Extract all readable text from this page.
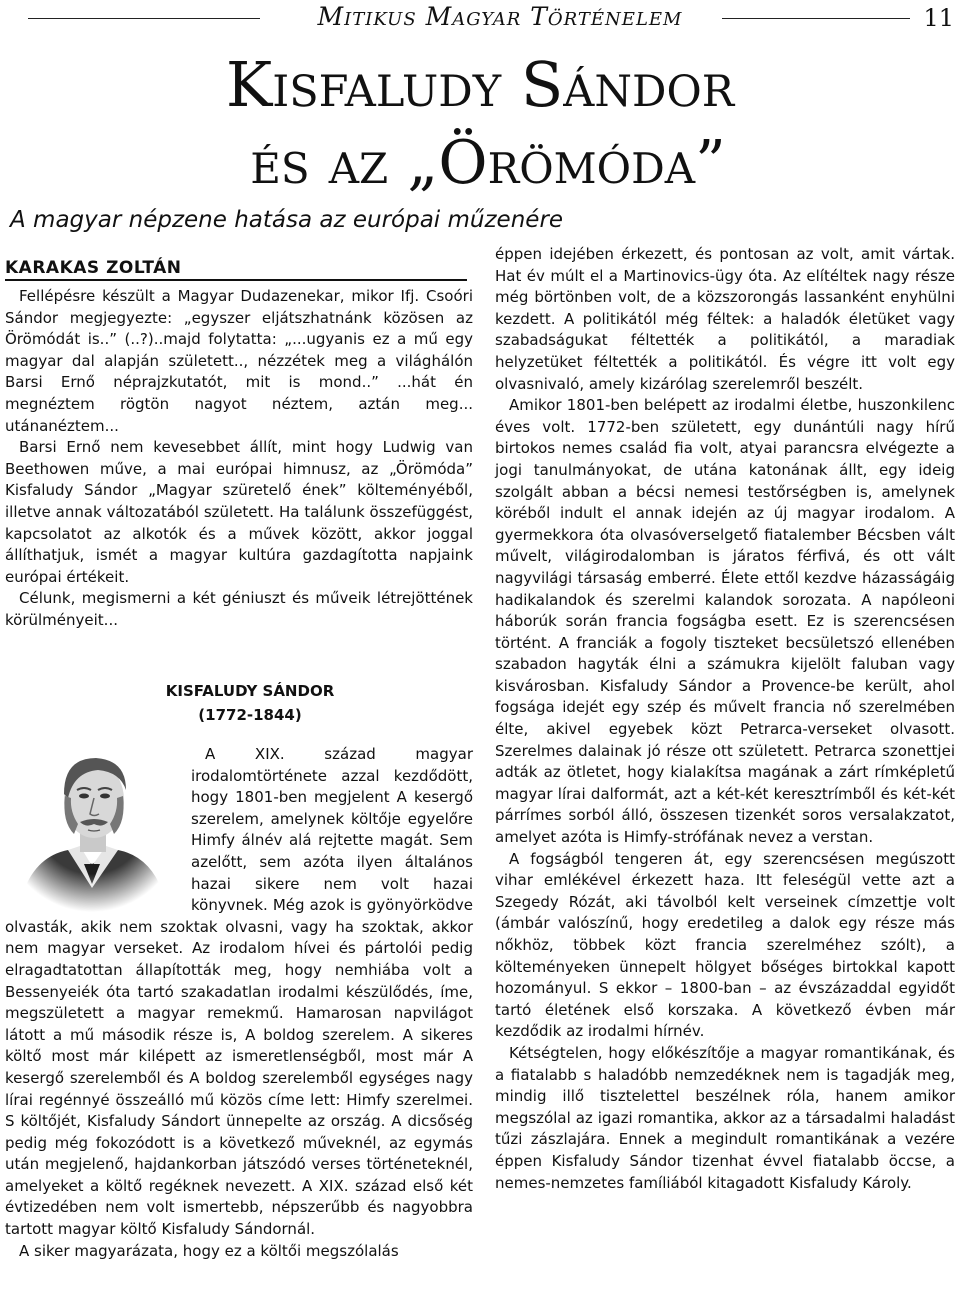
Mitikus Magyar Történelem	11
Kisfaludy Sándor
és az „Örömóda”
A magyar népzene hatása az európai műzenére
KARAKAS ZOLTÁN

Fellépésre készült a Magyar Dudazenekar, mikor Ifj. Csoóri Sándor megjegyezte: „egyszer eljátszhatnánk közösen az Örömódát is..” (..?)..majd folytatta: „...ugyanis ez a mű egy magyar dal alapján született.., nézzétek meg a világhálón Barsi Ernő néprajzkutatót, mit is mond..” ...hát én megnéztem rögtön nagyot néztem, aztán meg... utánanéztem...

Barsi Ernő nem kevesebbet állít, mint hogy Ludwig van Beethowen műve, a mai európai himnusz, az „Örömóda” Kisfaludy Sándor „Magyar szüretelő ének” költeményéből, illetve annak változatából született. Ha találunk összefüggést, kapcsolatot az alkotók és a művek között, akkor joggal állíthatjuk, ismét a magyar kultúra gazdagította napjaink európai értékeit.

Célunk, megismerni a két géniuszt és műveik létrejöttének körülményeit...

KISFALUDY SÁNDOR
(1772-1844)

A XIX. század magyar irodalomtörténete azzal kezdődött, hogy 1801-ben megjelent A kesergő szerelem, amelynek költője egyelőre Himfy álnév alá rejtette magát. Sem azelőtt, sem azóta ilyen általános hazai sikere nem volt hazai könyvnek. Még azok is gyönyörködve olvasták, akik nem szoktak olvasni, vagy ha szoktak, akkor nem magyar verseket. Az irodalom hívei és pártolói pedig elragadtatottan állapították meg, hogy nemhiába volt a Bessenyeiék óta tartó szakadatlan irodalmi készülődés, íme, megszületett a magyar remekmű. Hamarosan napvilágot látott a mű második része is, A boldog szerelem. A sikeres költő most már kilépett az ismeretlenségből, most már A kesergő szerelemből és A boldog szerelemből egységes nagy lírai regénnyé összeálló mű közös címe lett: Himfy szerelmei. S költőjét, Kisfaludy Sándort ünnepelte az ország. A dicsőség pedig még fokozódott is a következő műveknél, az egymás után megjelenő, hajdankorban játszódó verses történeteknél, amelyeket a költő regéknek nevezett. A XIX. század első két évtizedében nem volt ismertebb, népszerűbb és nagyobbra tartott magyar költő Kisfaludy Sándornál.

A siker magyarázata, hogy ez a költői megszólalás

éppen idejében érkezett, és pontosan az volt, amit vártak. Hat év múlt el a Martinovics-ügy óta. Az elítéltek nagy része még börtönben volt, de a közszorongás lassanként enyhülni kezdett. A politikától még féltek: a haladók életüket vagy szabadságukat féltették a politikától, a maradiak helyzetüket féltették a politikától. És végre itt volt egy olvasnivaló, amely kizárólag szerelemről beszélt.

Amikor 1801-ben belépett az irodalmi életbe, huszonkilenc éves volt. 1772-ben született, egy dunántúli nagy hírű birtokos nemes család fia volt, atyai parancsra elvégezte a jogi tanulmányokat, de utána katonának állt, egy ideig szolgált abban a bécsi nemesi testőrségben is, amelynek köréből indult el annak idején az új magyar irodalom. A gyermekkora óta olvasóverselgető fiatalember Bécsben vált művelt, világirodalomban is járatos férfivá, és ott vált nagyvilági társaság emberré. Élete ettől kezdve házasságáig hadikalandok és szerelmi kalandok sorozata. A napóleoni háborúk során francia fogságba esett. Ez is szerencsésen történt. A franciák a fogoly tiszteket becsületszó ellenében szabadon hagyták élni a számukra kijelölt faluban vagy kisvárosban. Kisfaludy Sándor a Provence-be került, ahol fogsága idejét egy szép és művelt francia nő szerelmében élte, akivel egyebek közt Petrarca-verseket olvasott. Szerelmes dalainak jó része ott született. Petrarca szonettjei adták az ötletet, hogy kialakítsa magának a zárt rímképletű magyar lírai dalformát, azt a két-két keresztrímből és két-két párrímes sorból álló, összesen tizenkét soros versalakzatot, amelyet azóta is Himfy-strófának nevez a verstan.

A fogságból tengeren át, egy szerencsésen megúszott vihar emlékével érkezett haza. Itt feleségül vette azt a Szegedy Rózát, aki távolból kelt verseinek címzettje volt (ámbár valószínű, hogy eredetileg a dalok egy része más nőkhöz, többek közt francia szerelméhez szólt), a költeményeken ünnepelt hölgyet bőséges birtokkal kapott hozományul. S ekkor – 1800-ban – az évszázaddal egyidőt tartó életének első korszaka. A következő évben már kezdődik az irodalmi hírnév.

Kétségtelen, hogy előkészítője a magyar romantikának, és a fiatalabb s haladóbb nemzedéknek nem is tagadják meg, mindig illő tisztelettel beszélnek róla, hanem amikor megszólal az igazi romantika, akkor az a társadalmi haladást tűzi zászlajára. Ennek a megindult romantikának a vezére éppen Kisfaludy Sándor tizenhat évvel fiatalabb öccse, a nemes-nemzetes famíliából kitagadott Kisfaludy Károly.
